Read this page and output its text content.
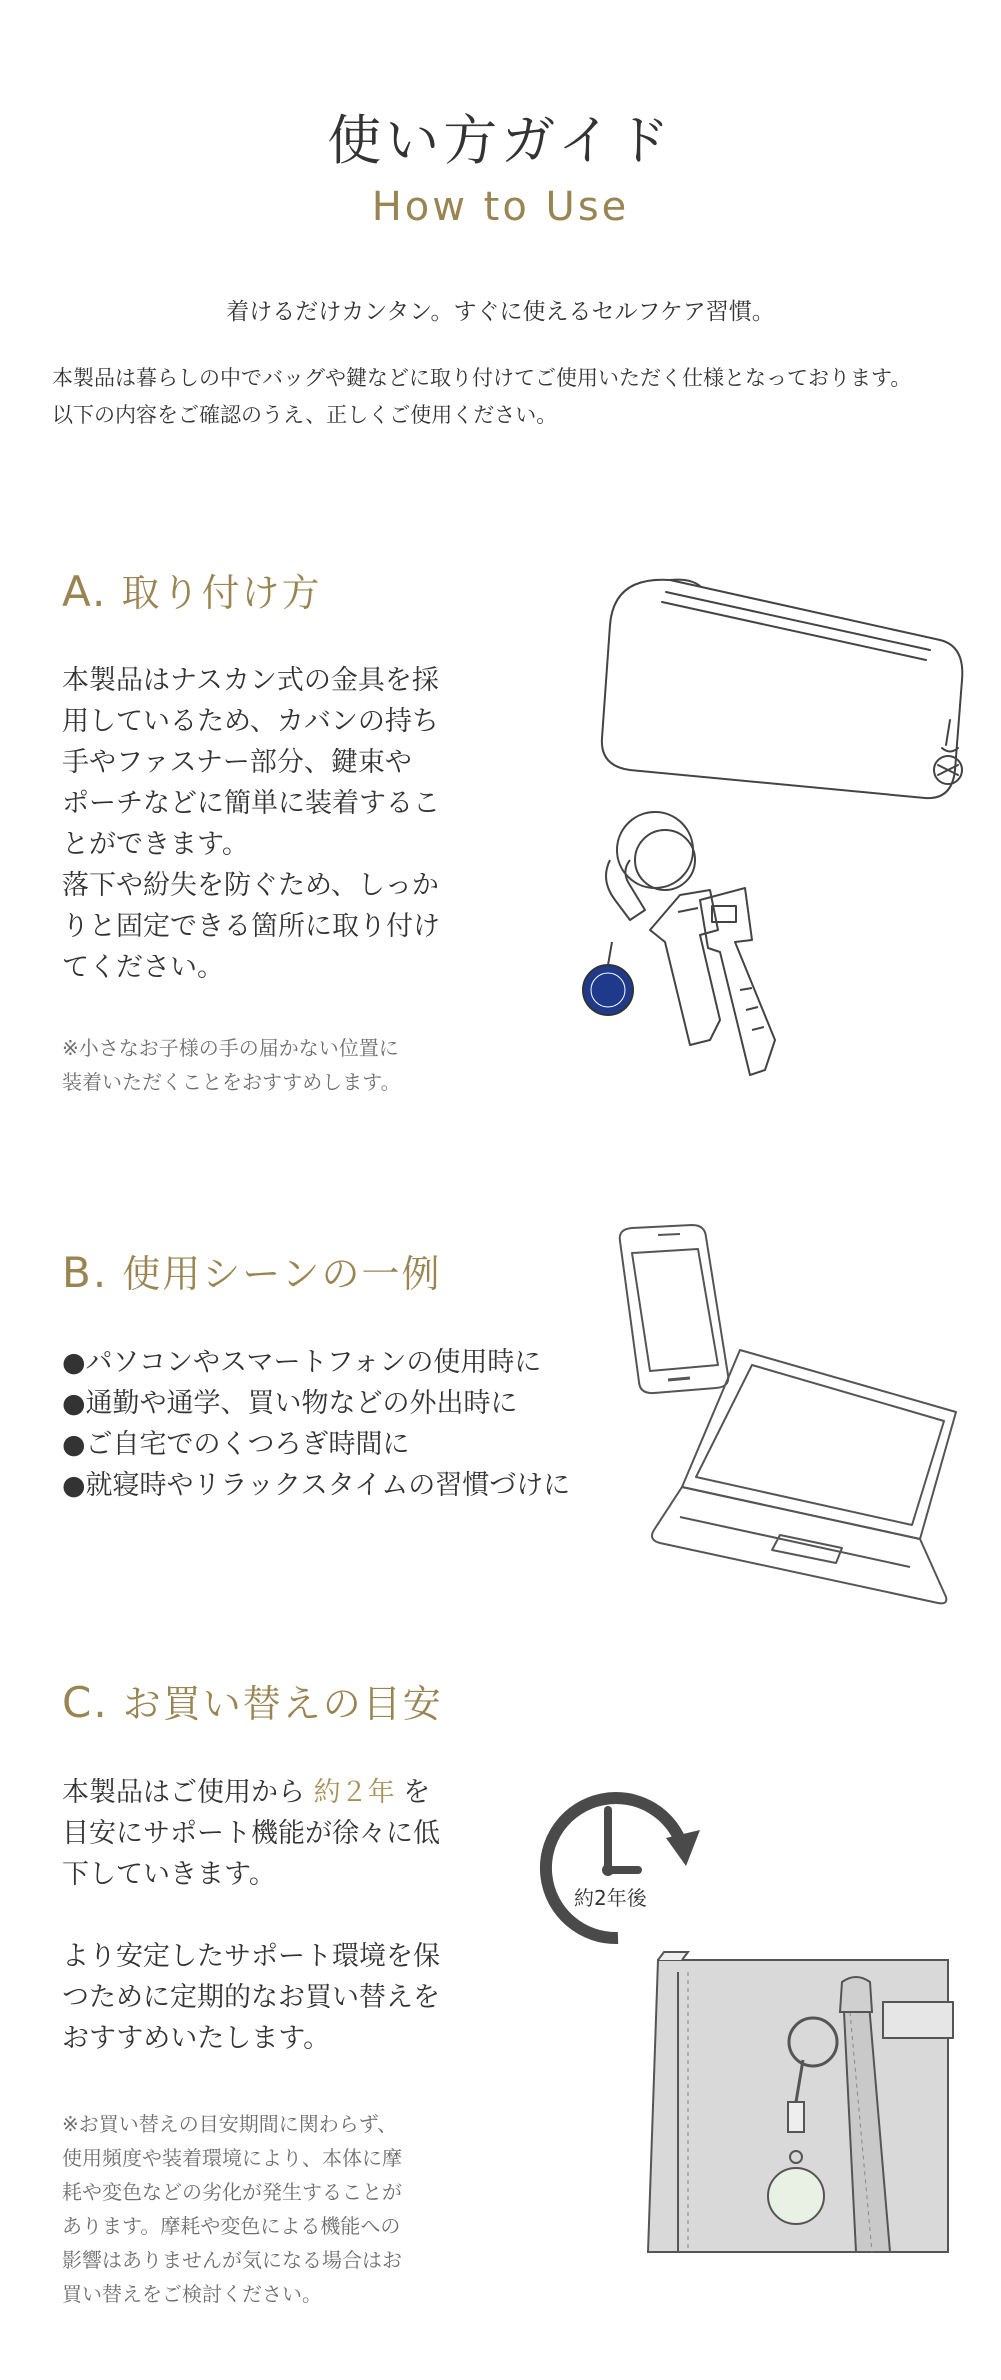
使い方ガイド
How to Use
着けるだけカンタン。すぐに使えるセルフケア習慣。
本製品は暮らしの中でバッグや鍵などに取り付けてご使用いただく仕様となっております。
以下の内容をご確認のうえ、正しくご使用ください。
A. 取り付け方
本製品はナスカン式の金具を採
用しているため、カバンの持ち
手やファスナー部分、鍵束や
ポーチなどに簡単に装着するこ
とができます。
落下や紛失を防ぐため、しっか
りと固定できる箇所に取り付け
てください。
※小さなお子様の手の届かない位置に
装着いただくことをおすすめします。
B. 使用シーンの一例
●パソコンやスマートフォンの使用時に
●通勤や通学、買い物などの外出時に
●ご自宅でのくつろぎ時間に
●就寝時やリラックスタイムの習慣づけに
C. お買い替えの目安
本製品はご使用から 約２年 を
目安にサポート機能が徐々に低
下していきます。
より安定したサポート環境を保
つために定期的なお買い替えを
おすすめいたします。
※お買い替えの目安期間に関わらず、
使用頻度や装着環境により、本体に摩
耗や変色などの劣化が発生することが
あります。摩耗や変色による機能への
影響はありませんが気になる場合はお
買い替えをご検討ください。
約2年後
